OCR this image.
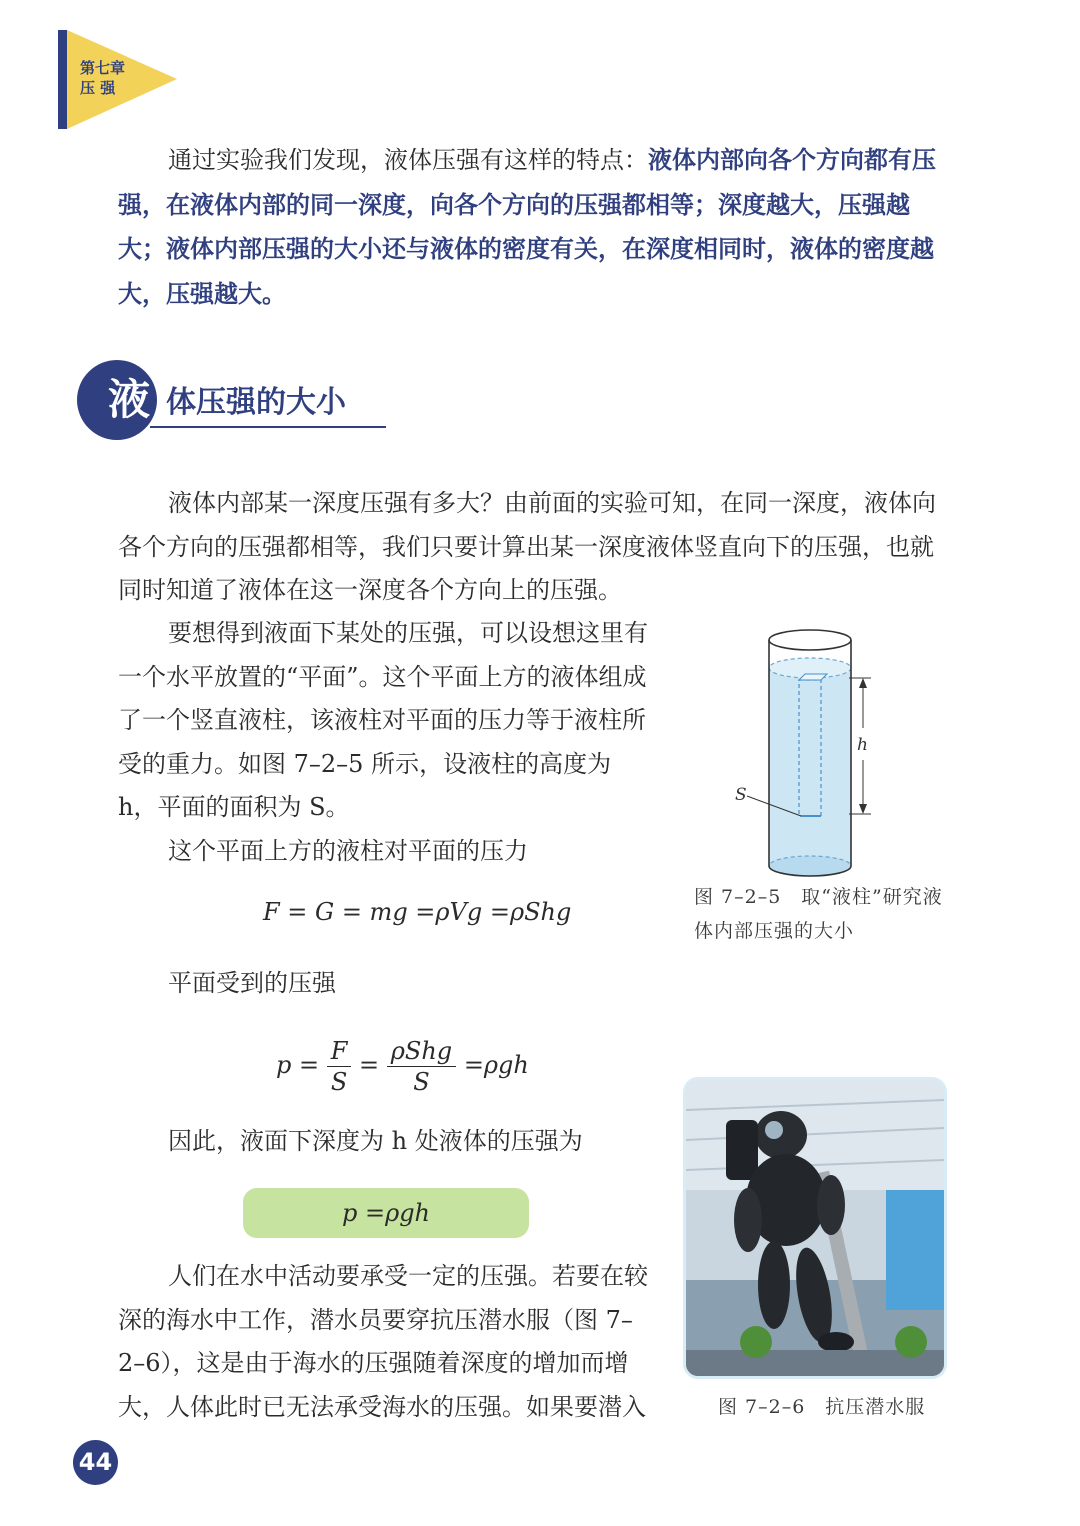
第七章
压 强

通过实验我们发现，液体压强有这样的特点：液体内部向各个方向都有压强，在液体内部的同一深度，向各个方向的压强都相等；深度越大，压强越大；液体内部压强的大小还与液体的密度有关，在深度相同时，液体的密度越大，压强越大。

液 体压强的大小

液体内部某一深度压强有多大？由前面的实验可知，在同一深度，液体向各个方向的压强都相等，我们只要计算出某一深度液体竖直向下的压强，也就同时知道了液体在这一深度各个方向上的压强。

要想得到液面下某处的压强，可以设想这里有一个水平放置的“平面”。这个平面上方的液体组成了一个竖直液柱，该液柱对平面的压力等于液柱所受的重力。如图 7–2–5 所示，设液柱的高度为 h，平面的面积为 S。

这个平面上方的液柱对平面的压力

F = G = mg =ρVg =ρShg

平面受到的压强

$p = \frac{F}{S} = \frac{\text{ρShg}}{S} =\rho gh$

因此，液面下深度为 h 处液体的压强为

p =ρgh

人们在水中活动要承受一定的压强。若要在较深的海水中工作，潜水员要穿抗压潜水服（图 7–2–6），这是由于海水的压强随着深度的增加而增大，人体此时已无法承受海水的压强。如果要潜入

h
S
图 7–2–5　取“液柱”研究液体内部压强的大小
图 7–2–6　抗压潜水服
44
